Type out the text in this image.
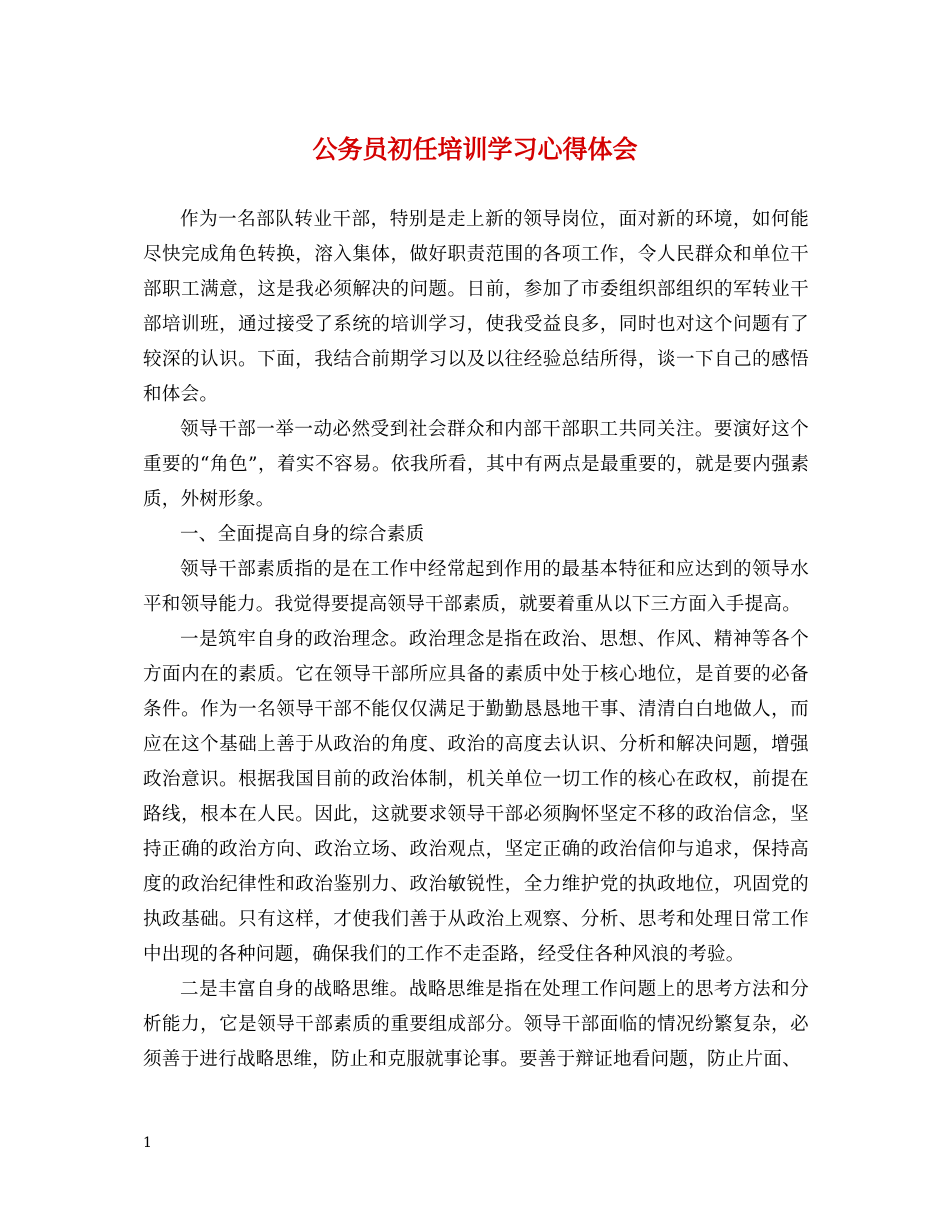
公务员初任培训学习心得体会

作为一名部队转业干部，特别是走上新的领导岗位，面对新的环境，如何能尽快完成角色转换，溶入集体，做好职责范围的各项工作，令人民群众和单位干部职工满意，这是我必须解决的问题。日前，参加了市委组织部组织的军转业干部培训班，通过接受了系统的培训学习，使我受益良多，同时也对这个问题有了较深的认识。下面，我结合前期学习以及以往经验总结所得，谈一下自己的感悟和体会。

领导干部一举一动必然受到社会群众和内部干部职工共同关注。要演好这个重要的“角色”，着实不容易。依我所看，其中有两点是最重要的，就是要内强素质，外树形象。

一、全面提高自身的综合素质

领导干部素质指的是在工作中经常起到作用的最基本特征和应达到的领导水平和领导能力。我觉得要提高领导干部素质，就要着重从以下三方面入手提高。

一是筑牢自身的政治理念。政治理念是指在政治、思想、作风、精神等各个方面内在的素质。它在领导干部所应具备的素质中处于核心地位，是首要的必备条件。作为一名领导干部不能仅仅满足于勤勤恳恳地干事、清清白白地做人，而应在这个基础上善于从政治的角度、政治的高度去认识、分析和解决问题，增强政治意识。根据我国目前的政治体制，机关单位一切工作的核心在政权，前提在路线，根本在人民。因此，这就要求领导干部必须胸怀坚定不移的政治信念，坚持正确的政治方向、政治立场、政治观点，坚定正确的政治信仰与追求，保持高度的政治纪律性和政治鉴别力、政治敏锐性，全力维护党的执政地位，巩固党的执政基础。只有这样，才使我们善于从政治上观察、分析、思考和处理日常工作中出现的各种问题，确保我们的工作不走歪路，经受住各种风浪的考验。

二是丰富自身的战略思维。战略思维是指在处理工作问题上的思考方法和分析能力，它是领导干部素质的重要组成部分。领导干部面临的情况纷繁复杂，必须善于进行战略思维，防止和克服就事论事。要善于辩证地看问题，防止片面、

1
